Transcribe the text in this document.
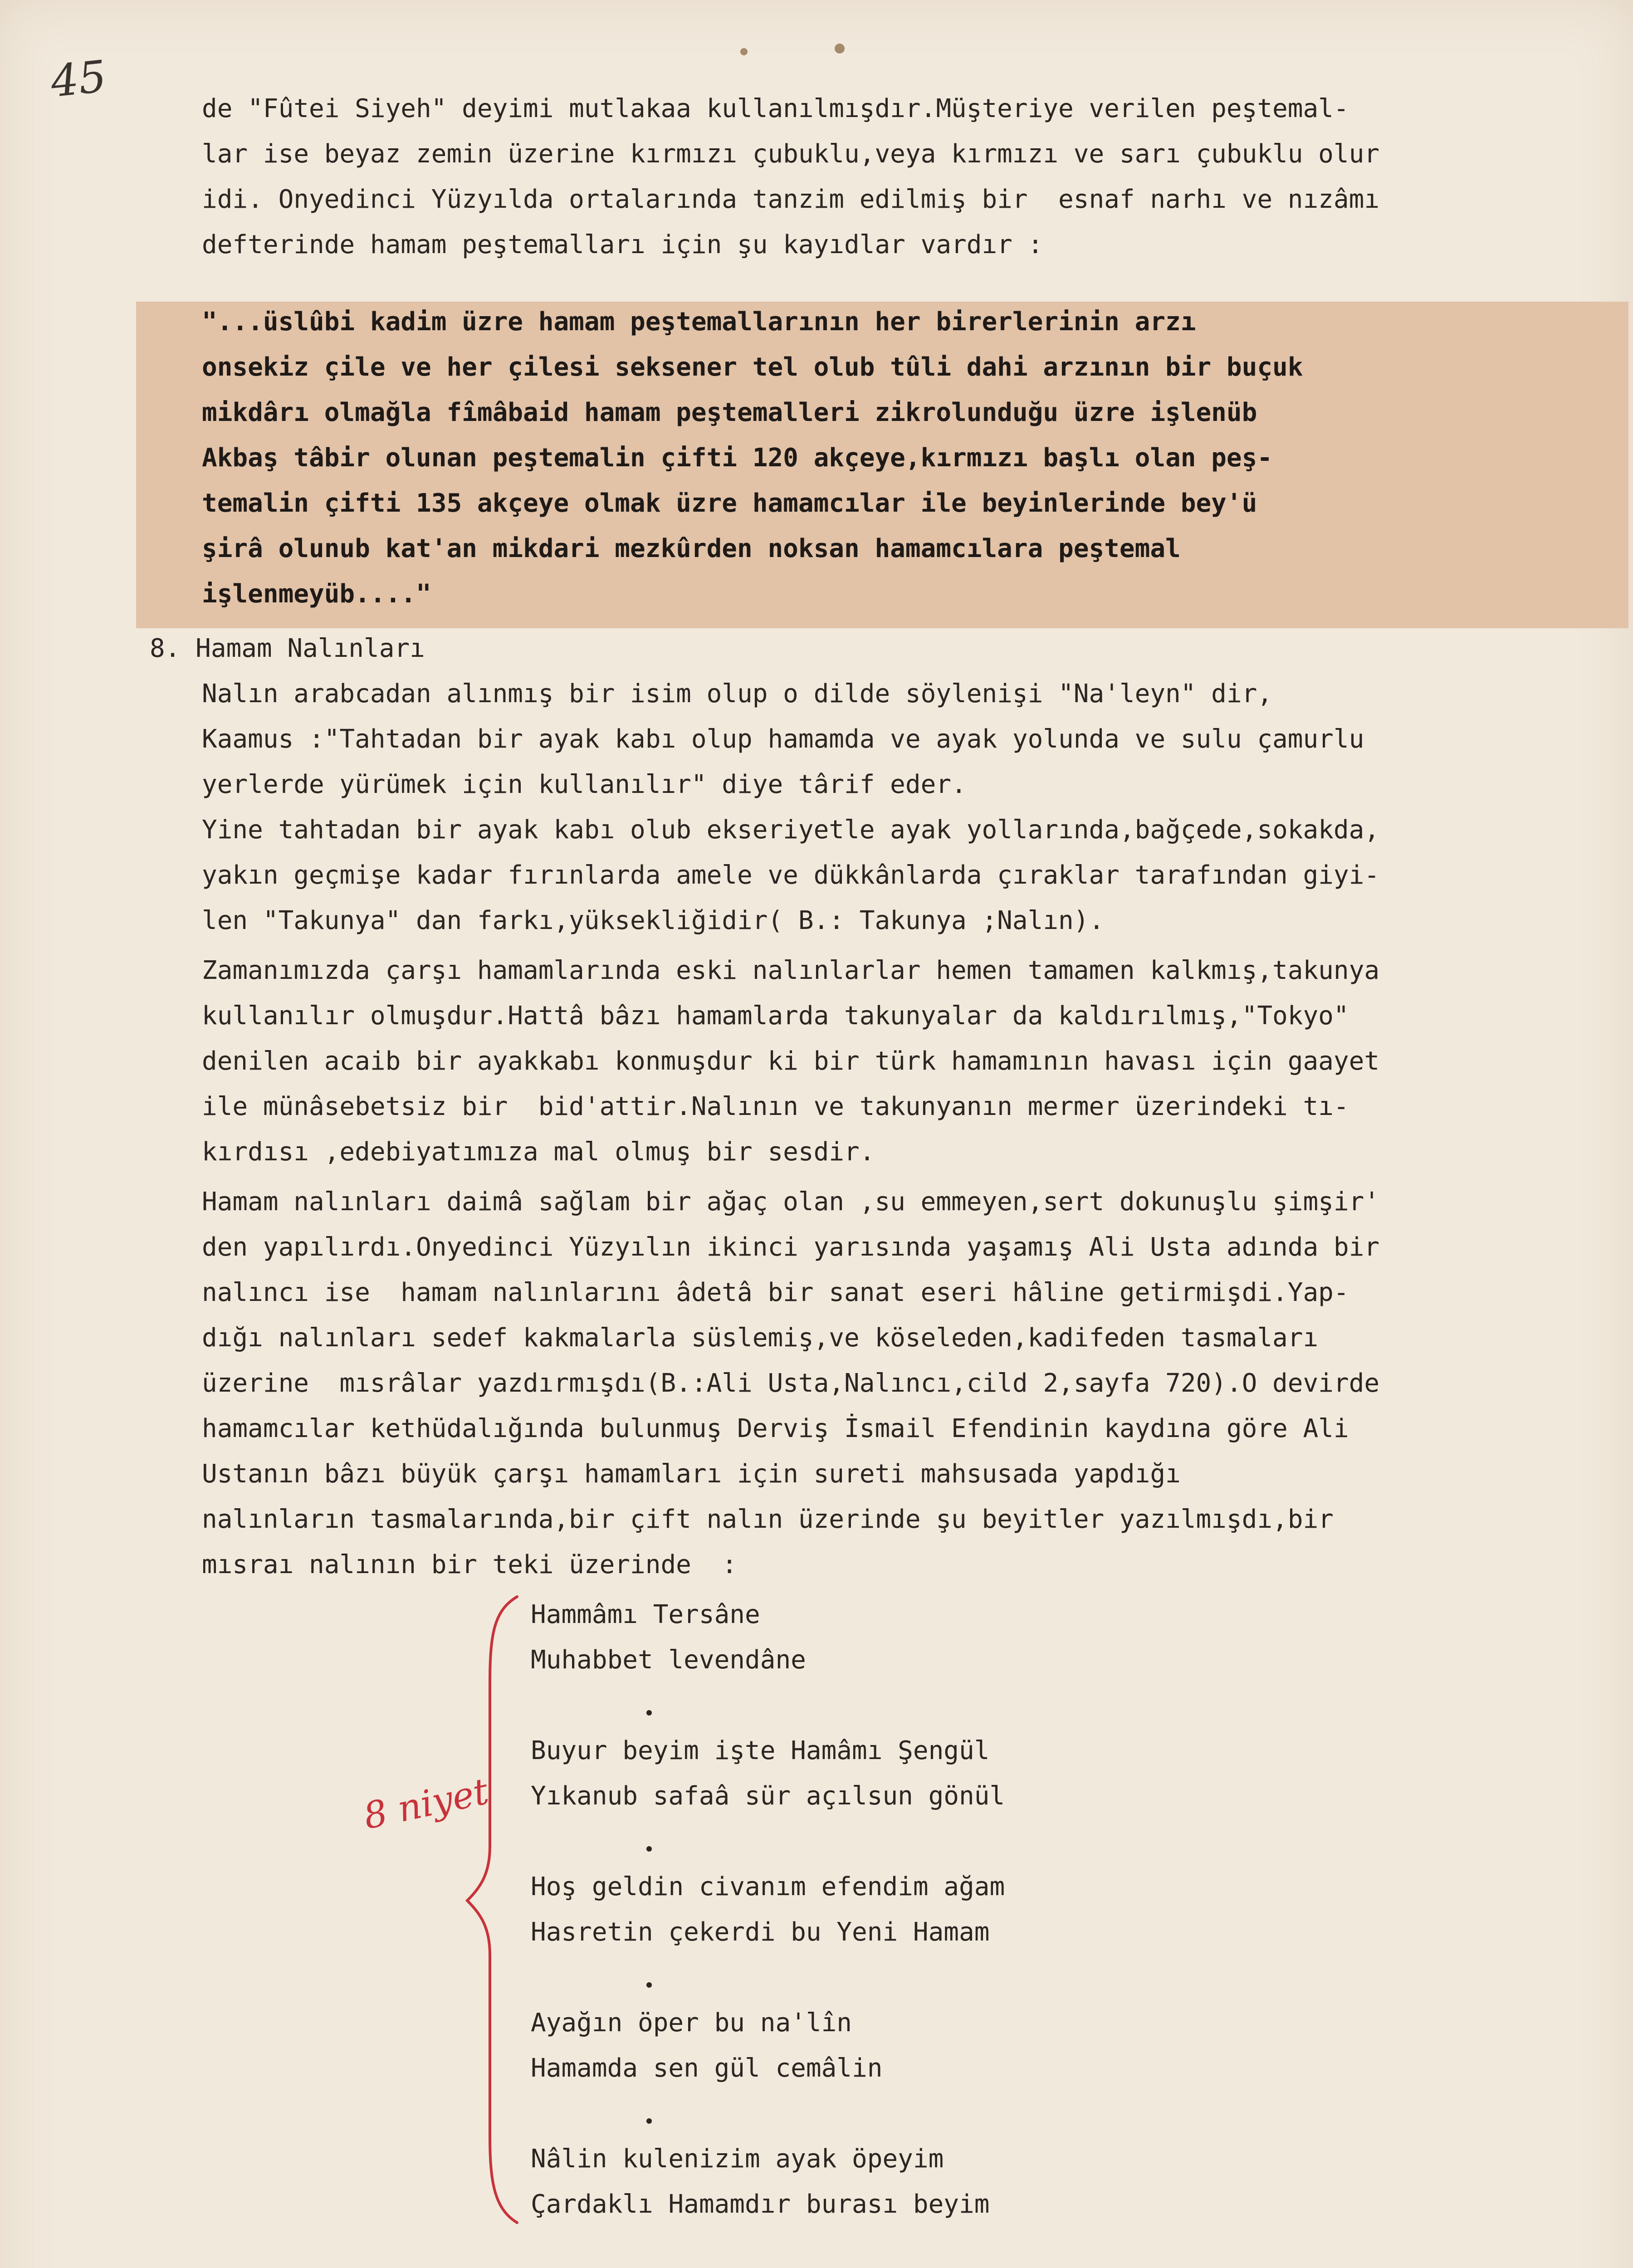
45
de "Fûtei Siyeh" deyimi mutlakaa kullanılmışdır.Müşteriye verilen peştemal-
lar ise beyaz zemin üzerine kırmızı çubuklu,veya kırmızı ve sarı çubuklu olur
idi. Onyedinci Yüzyılda ortalarında tanzim edilmiş bir  esnaf narhı ve nızâmı
defterinde hamam peştemalları için şu kayıdlar vardır :
"...üslûbi kadim üzre hamam peştemallarının her birerlerinin arzı
onsekiz çile ve her çilesi seksener tel olub tûli dahi arzının bir buçuk
mikdârı olmağla fîmâbaid hamam peştemalleri zikrolunduğu üzre işlenüb
Akbaş tâbir olunan peştemalin çifti 120 akçeye,kırmızı başlı olan peş-
temalin çifti 135 akçeye olmak üzre hamamcılar ile beyinlerinde bey'ü
şirâ olunub kat'an mikdari mezkûrden noksan hamamcılara peştemal
işlenmeyüb...."
8. Hamam Nalınları
Nalın arabcadan alınmış bir isim olup o dilde söylenişi "Na'leyn" dir,
Kaamus :"Tahtadan bir ayak kabı olup hamamda ve ayak yolunda ve sulu çamurlu
yerlerde yürümek için kullanılır" diye târif eder.
Yine tahtadan bir ayak kabı olub ekseriyetle ayak yollarında,bağçede,sokakda,
yakın geçmişe kadar fırınlarda amele ve dükkânlarda çıraklar tarafından giyi-
len "Takunya" dan farkı,yüksekliğidir( B.: Takunya ;Nalın).
Zamanımızda çarşı hamamlarında eski nalınlarlar hemen tamamen kalkmış,takunya
kullanılır olmuşdur.Hattâ bâzı hamamlarda takunyalar da kaldırılmış,"Tokyo"
denilen acaib bir ayakkabı konmuşdur ki bir türk hamamının havası için gaayet
ile münâsebetsiz bir  bid'attir.Nalının ve takunyanın mermer üzerindeki tı-
kırdısı ,edebiyatımıza mal olmuş bir sesdir.
Hamam nalınları daimâ sağlam bir ağaç olan ,su emmeyen,sert dokunuşlu şimşir'
den yapılırdı.Onyedinci Yüzyılın ikinci yarısında yaşamış Ali Usta adında bir
nalıncı ise  hamam nalınlarını âdetâ bir sanat eseri hâline getirmişdi.Yap-
dığı nalınları sedef kakmalarla süslemiş,ve köseleden,kadifeden tasmaları
üzerine  mısrâlar yazdırmışdı(B.:Ali Usta,Nalıncı,cild 2,sayfa 720).O devirde
hamamcılar kethüdalığında bulunmuş Derviş İsmail Efendinin kaydına göre Ali
Ustanın bâzı büyük çarşı hamamları için sureti mahsusada yapdığı
nalınların tasmalarında,bir çift nalın üzerinde şu beyitler yazılmışdı,bir
mısraı nalının bir teki üzerinde  :
8 niyet
Hammâmı Tersâne
Muhabbet levendâne
Buyur beyim işte Hamâmı Şengül
Yıkanub safaâ sür açılsun gönül
Hoş geldin civanım efendim ağam
Hasretin çekerdi bu Yeni Hamam
Ayağın öper bu na'lîn
Hamamda sen gül cemâlin
Nâlin kulenizim ayak öpeyim
Çardaklı Hamamdır burası beyim
